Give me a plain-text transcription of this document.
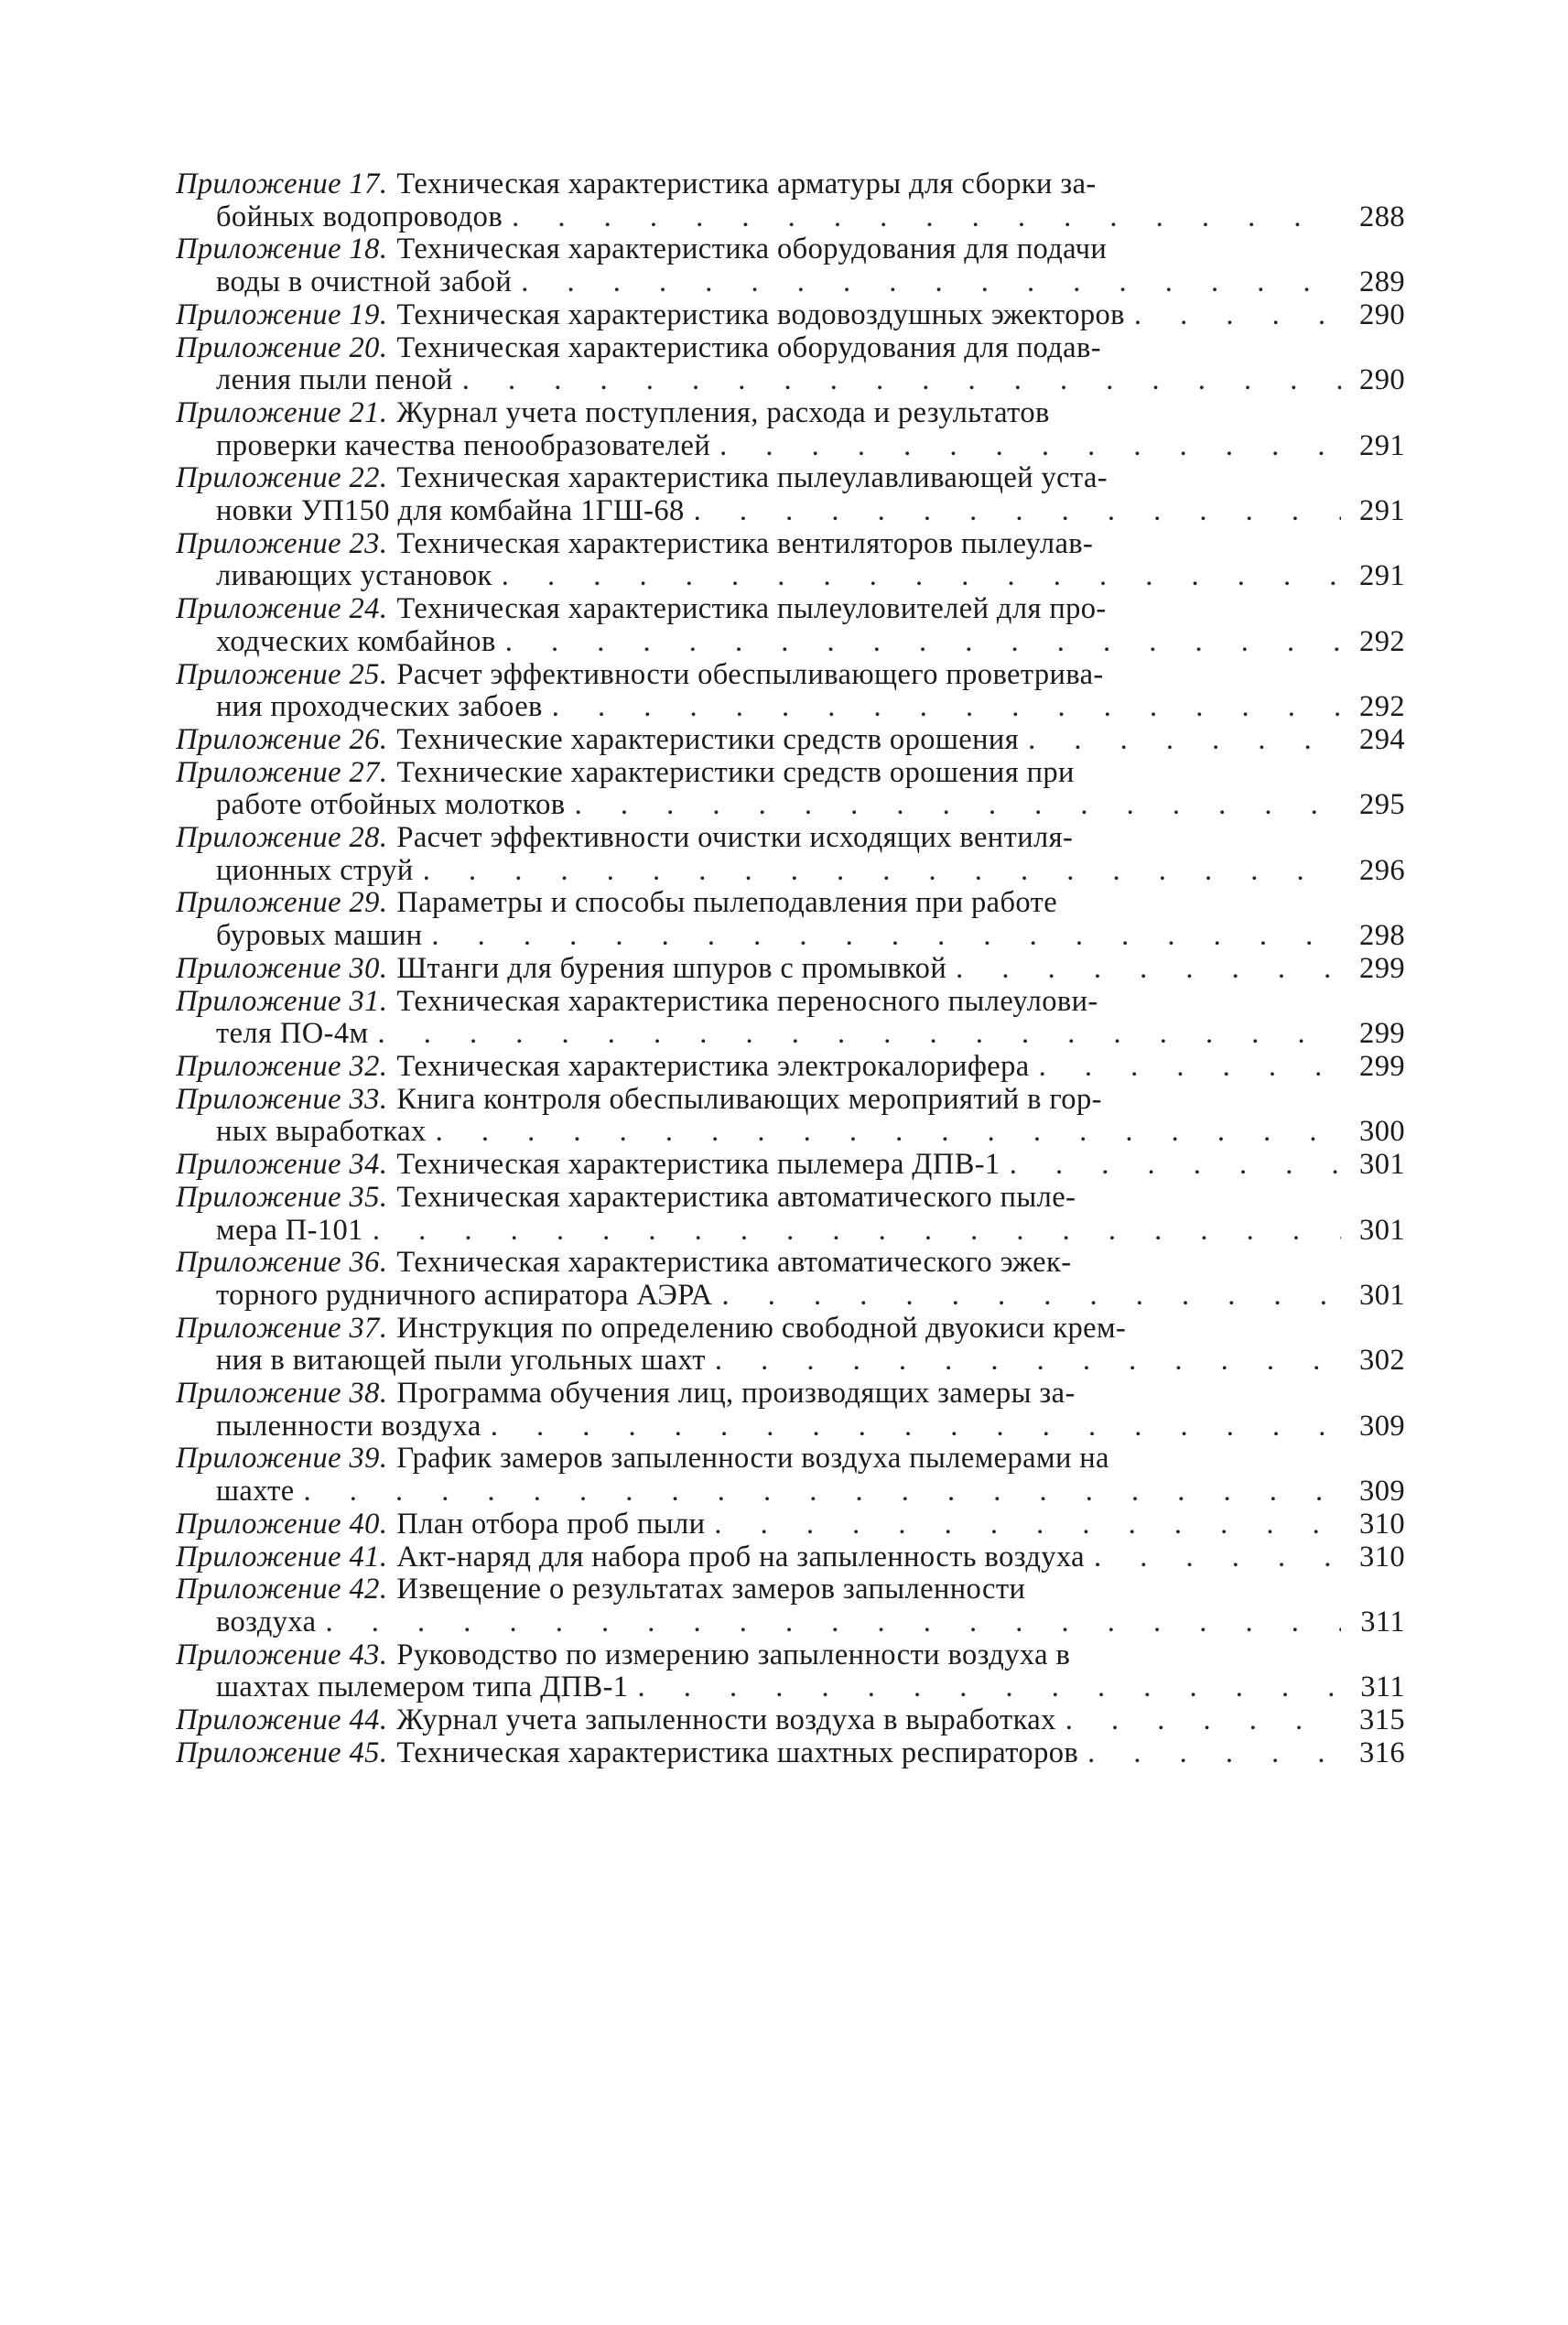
Приложение 17. Техническая характеристика арматуры для сборки за-
бойных водопроводов . . .	288
Приложение 18. Техническая характеристика оборудования для подачи
воды в очистной забой . . .	289
Приложение 19. Техническая характеристика водовоздушных эжекторов . . .	290
Приложение 20. Техническая характеристика оборудования для подав-
ления пыли пеной . . .	290
Приложение 21. Журнал учета поступления, расхода и результатов
проверки качества пенообразователей . . .	291
Приложение 22. Техническая характеристика пылеулавливающей уста-
новки УП150 для комбайна 1ГШ-68 . . .	291
Приложение 23. Техническая характеристика вентиляторов пылеулав-
ливающих установок . . .	291
Приложение 24. Техническая характеристика пылеуловителей для про-
ходческих комбайнов . . .	292
Приложение 25. Расчет эффективности обеспыливающего проветрива-
ния проходческих забоев . . .	292
Приложение 26. Технические характеристики средств орошения . . .	294
Приложение 27. Технические характеристики средств орошения при
работе отбойных молотков . . .	295
Приложение 28. Расчет эффективности очистки исходящих вентиля-
ционных струй . . .	296
Приложение 29. Параметры и способы пылеподавления при работе
буровых машин . . .	298
Приложение 30. Штанги для бурения шпуров с промывкой . . .	299
Приложение 31. Техническая характеристика переносного пылеулови-
теля ПО-4м . . .	299
Приложение 32. Техническая характеристика электрокалорифера . . .	299
Приложение 33. Книга контроля обеспыливающих мероприятий в гор-
ных выработках . . .	300
Приложение 34. Техническая характеристика пылемера ДПВ-1 . . .	301
Приложение 35. Техническая характеристика автоматического пыле-
мера П-101 . . .	301
Приложение 36. Техническая характеристика автоматического эжек-
торного рудничного аспиратора АЭРА . . .	301
Приложение 37. Инструкция по определению свободной двуокиси крем-
ния в витающей пыли угольных шахт . . .	302
Приложение 38. Программа обучения лиц, производящих замеры за-
пыленности воздуха . . .	309
Приложение 39. График замеров запыленности воздуха пылемерами на
шахте . . .	309
Приложение 40. План отбора проб пыли . . .	310
Приложение 41. Акт-наряд для набора проб на запыленность воздуха . . .	310
Приложение 42. Извещение о результатах замеров запыленности
воздуха . . .	311
Приложение 43. Руководство по измерению запыленности воздуха в
шахтах пылемером типа ДПВ-1 . . .	311
Приложение 44. Журнал учета запыленности воздуха в выработках . . .	315
Приложение 45. Техническая характеристика шахтных респираторов . . .	316
